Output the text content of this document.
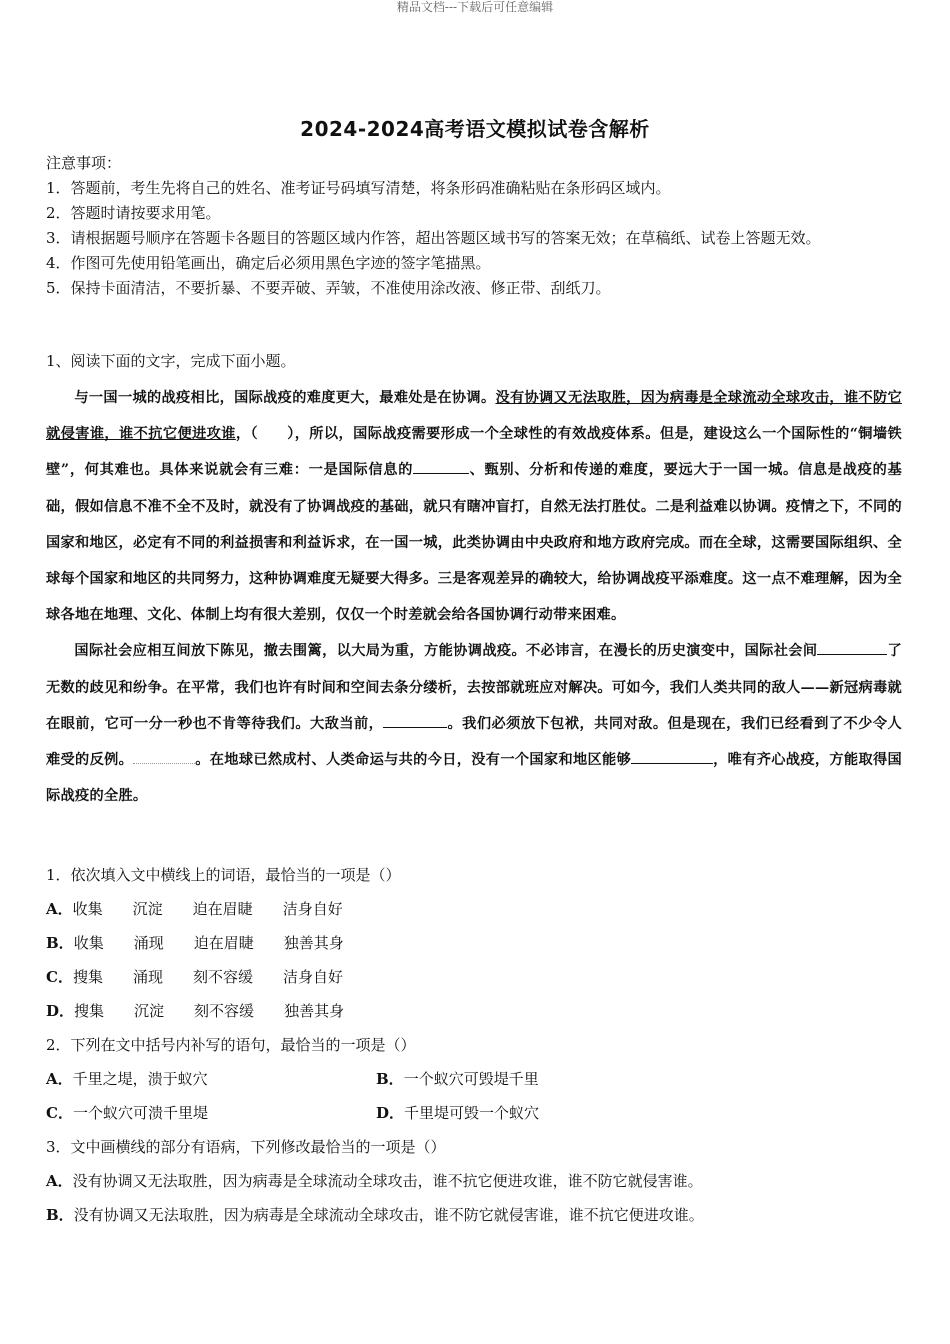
精品文档---下载后可任意编辑
2024-2024高考语文模拟试卷含解析
注意事项：
1．答题前，考生先将自己的姓名、准考证号码填写清楚，将条形码准确粘贴在条形码区域内。
2．答题时请按要求用笔。
3．请根据题号顺序在答题卡各题目的答题区域内作答，超出答题区域书写的答案无效；在草稿纸、试卷上答题无效。
4．作图可先使用铅笔画出，确定后必须用黑色字迹的签字笔描黑。
5．保持卡面清洁，不要折暴、不要弄破、弄皱，不准使用涂改液、修正带、刮纸刀。
1、阅读下面的文字，完成下面小题。

与一国一城的战疫相比，国际战疫的难度更大，最难处是在协调。没有协调又无法取胜，因为病毒是全球流动全球攻击，谁不防它就侵害谁，谁不抗它便进攻谁，（　　），所以，国际战疫需要形成一个全球性的有效战疫体系。但是，建设这么一个国际性的“铜墙铁壁”，何其难也。具体来说就会有三难：一是国际信息的	、甄别、分析和传递的难度，要远大于一国一城。信息是战疫的基础，假如信息不准不全不及时，就没有了协调战疫的基础，就只有瞎冲盲打，自然无法打胜仗。二是利益难以协调。疫情之下，不同的国家和地区，必定有不同的利益损害和利益诉求，在一国一城，此类协调由中央政府和地方政府完成。而在全球，这需要国际组织、全球每个国家和地区的共同努力，这种协调难度无疑要大得多。三是客观差异的确较大，给协调战疫平添难度。这一点不难理解，因为全球各地在地理、文化、体制上均有很大差别，仅仅一个时差就会给各国协调行动带来困难。

国际社会应相互间放下陈见，撤去围篱，以大局为重，方能协调战疫。不必讳言，在漫长的历史演变中，国际社会间	了无数的歧见和纷争。在平常，我们也许有时间和空间去条分缕析，去按部就班应对解决。可如今，我们人类共同的敌人——新冠病毒就在眼前，它可一分一秒也不肯等待我们。大敌当前，	。我们必须放下包袱，共同对敌。但是现在，我们已经看到了不少令人难受的反例。	。在地球已然成村、人类命运与共的今日，没有一个国家和地区能够	，唯有齐心战疫，方能取得国际战疫的全胜。

1．依次填入文中横线上的词语，最恰当的一项是（）
A．收集 沉淀 迫在眉睫 洁身自好
B．收集 涌现 迫在眉睫 独善其身
C．搜集 涌现 刻不容缓 洁身自好
D．搜集 沉淀 刻不容缓 独善其身
2．下列在文中括号内补写的语句，最恰当的一项是（）
A．千里之堤，溃于蚁穴	B．一个蚁穴可毁堤千里
C．一个蚁穴可溃千里堤	D．千里堤可毁一个蚁穴
3．文中画横线的部分有语病，下列修改最恰当的一项是（）
A．没有协调又无法取胜，因为病毒是全球流动全球攻击，谁不抗它便进攻谁，谁不防它就侵害谁。
B．没有协调又无法取胜，因为病毒是全球流动全球攻击，谁不防它就侵害谁，谁不抗它便进攻谁。
